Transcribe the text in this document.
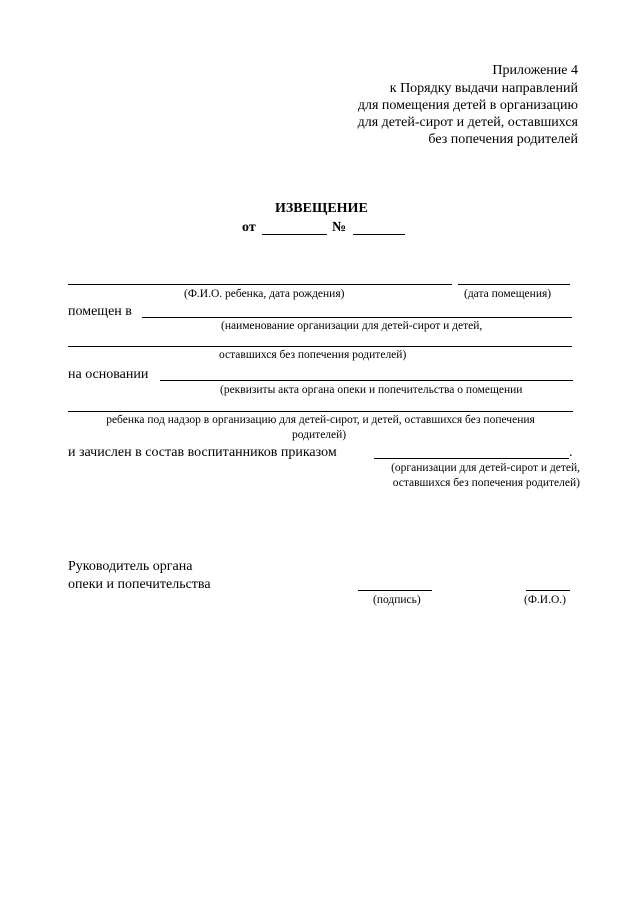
Приложение 4
к Порядку выдачи направлений
для помещения детей в организацию
для детей-сирот и детей, оставшихся
без попечения родителей
ИЗВЕЩЕНИЕ
от	№
(Ф.И.О. ребенка, дата рождения)	(дата помещения)
помещен в
(наименование организации для детей-сирот и детей,
оставшихся без попечения родителей)
на основании
(реквизиты акта органа опеки и попечительства о помещении
ребенка под надзор в организацию для детей-сирот, и детей, оставшихся без попечения
родителей)
и зачислен в состав воспитанников приказом	.
(организации для детей-сирот и детей,
оставшихся без попечения родителей)
Руководитель органа
опеки и попечительства
(подпись)	(Ф.И.О.)
